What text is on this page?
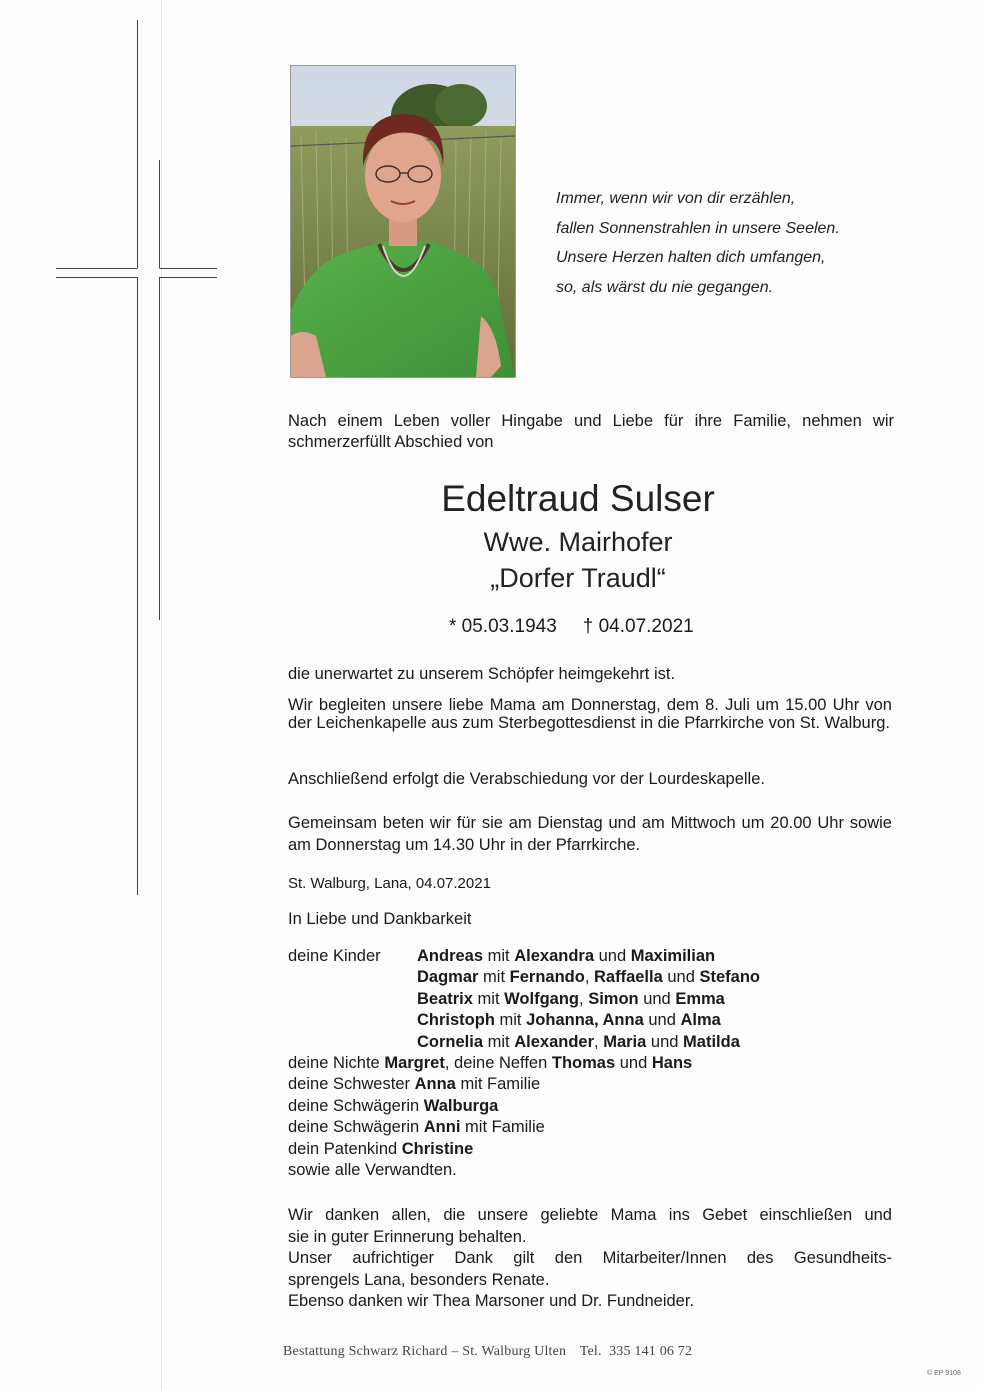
Immer, wenn wir von dir erzählen,
fallen Sonnenstrahlen in unsere Seelen.
Unsere Herzen halten dich umfangen,
so, als wärst du nie gegangen.
Nach einem Leben voller Hingabe und Liebe für ihre Familie, nehmen wir schmerzerfüllt Abschied von
Edeltraud Sulser
Wwe. Mairhofer
„Dorfer Traudl“
* 05.03.1943 † 04.07.2021
die unerwartet zu unserem Schöpfer heimgekehrt ist.
Wir begleiten unsere liebe Mama am Donnerstag, dem 8. Juli um 15.00 Uhr von der Leichenkapelle aus zum Sterbegottesdienst in die Pfarrkirche von St. Walburg.
Anschließend erfolgt die Verabschiedung vor der Lourdeskapelle.
Gemeinsam beten wir für sie am Dienstag und am Mittwoch um 20.00 Uhr sowie am Donnerstag um 14.30 Uhr in der Pfarrkirche.
St. Walburg, Lana, 04.07.2021
In Liebe und Dankbarkeit
deine Kinder Andreas mit Alexandra und Maximilian
Dagmar mit Fernando, Raffaella und Stefano
Beatrix mit Wolfgang, Simon und Emma
Christoph mit Johanna, Anna und Alma
Cornelia mit Alexander, Maria und Matilda
deine Nichte Margret, deine Neffen Thomas und Hans
deine Schwester Anna mit Familie
deine Schwägerin Walburga
deine Schwägerin Anni mit Familie
dein Patenkind Christine
sowie alle Verwandten.
Wir danken allen, die unsere geliebte Mama ins Gebet einschließen und
sie in guter Erinnerung behalten.
Unser aufrichtiger Dank gilt den Mitarbeiter/Innen des Gesundheits-
sprengels Lana, besonders Renate.
Ebenso danken wir Thea Marsoner und Dr. Fundneider.
Bestattung Schwarz Richard – St. Walburg Ulten Tel. 335 141 06 72
© EP 9108
